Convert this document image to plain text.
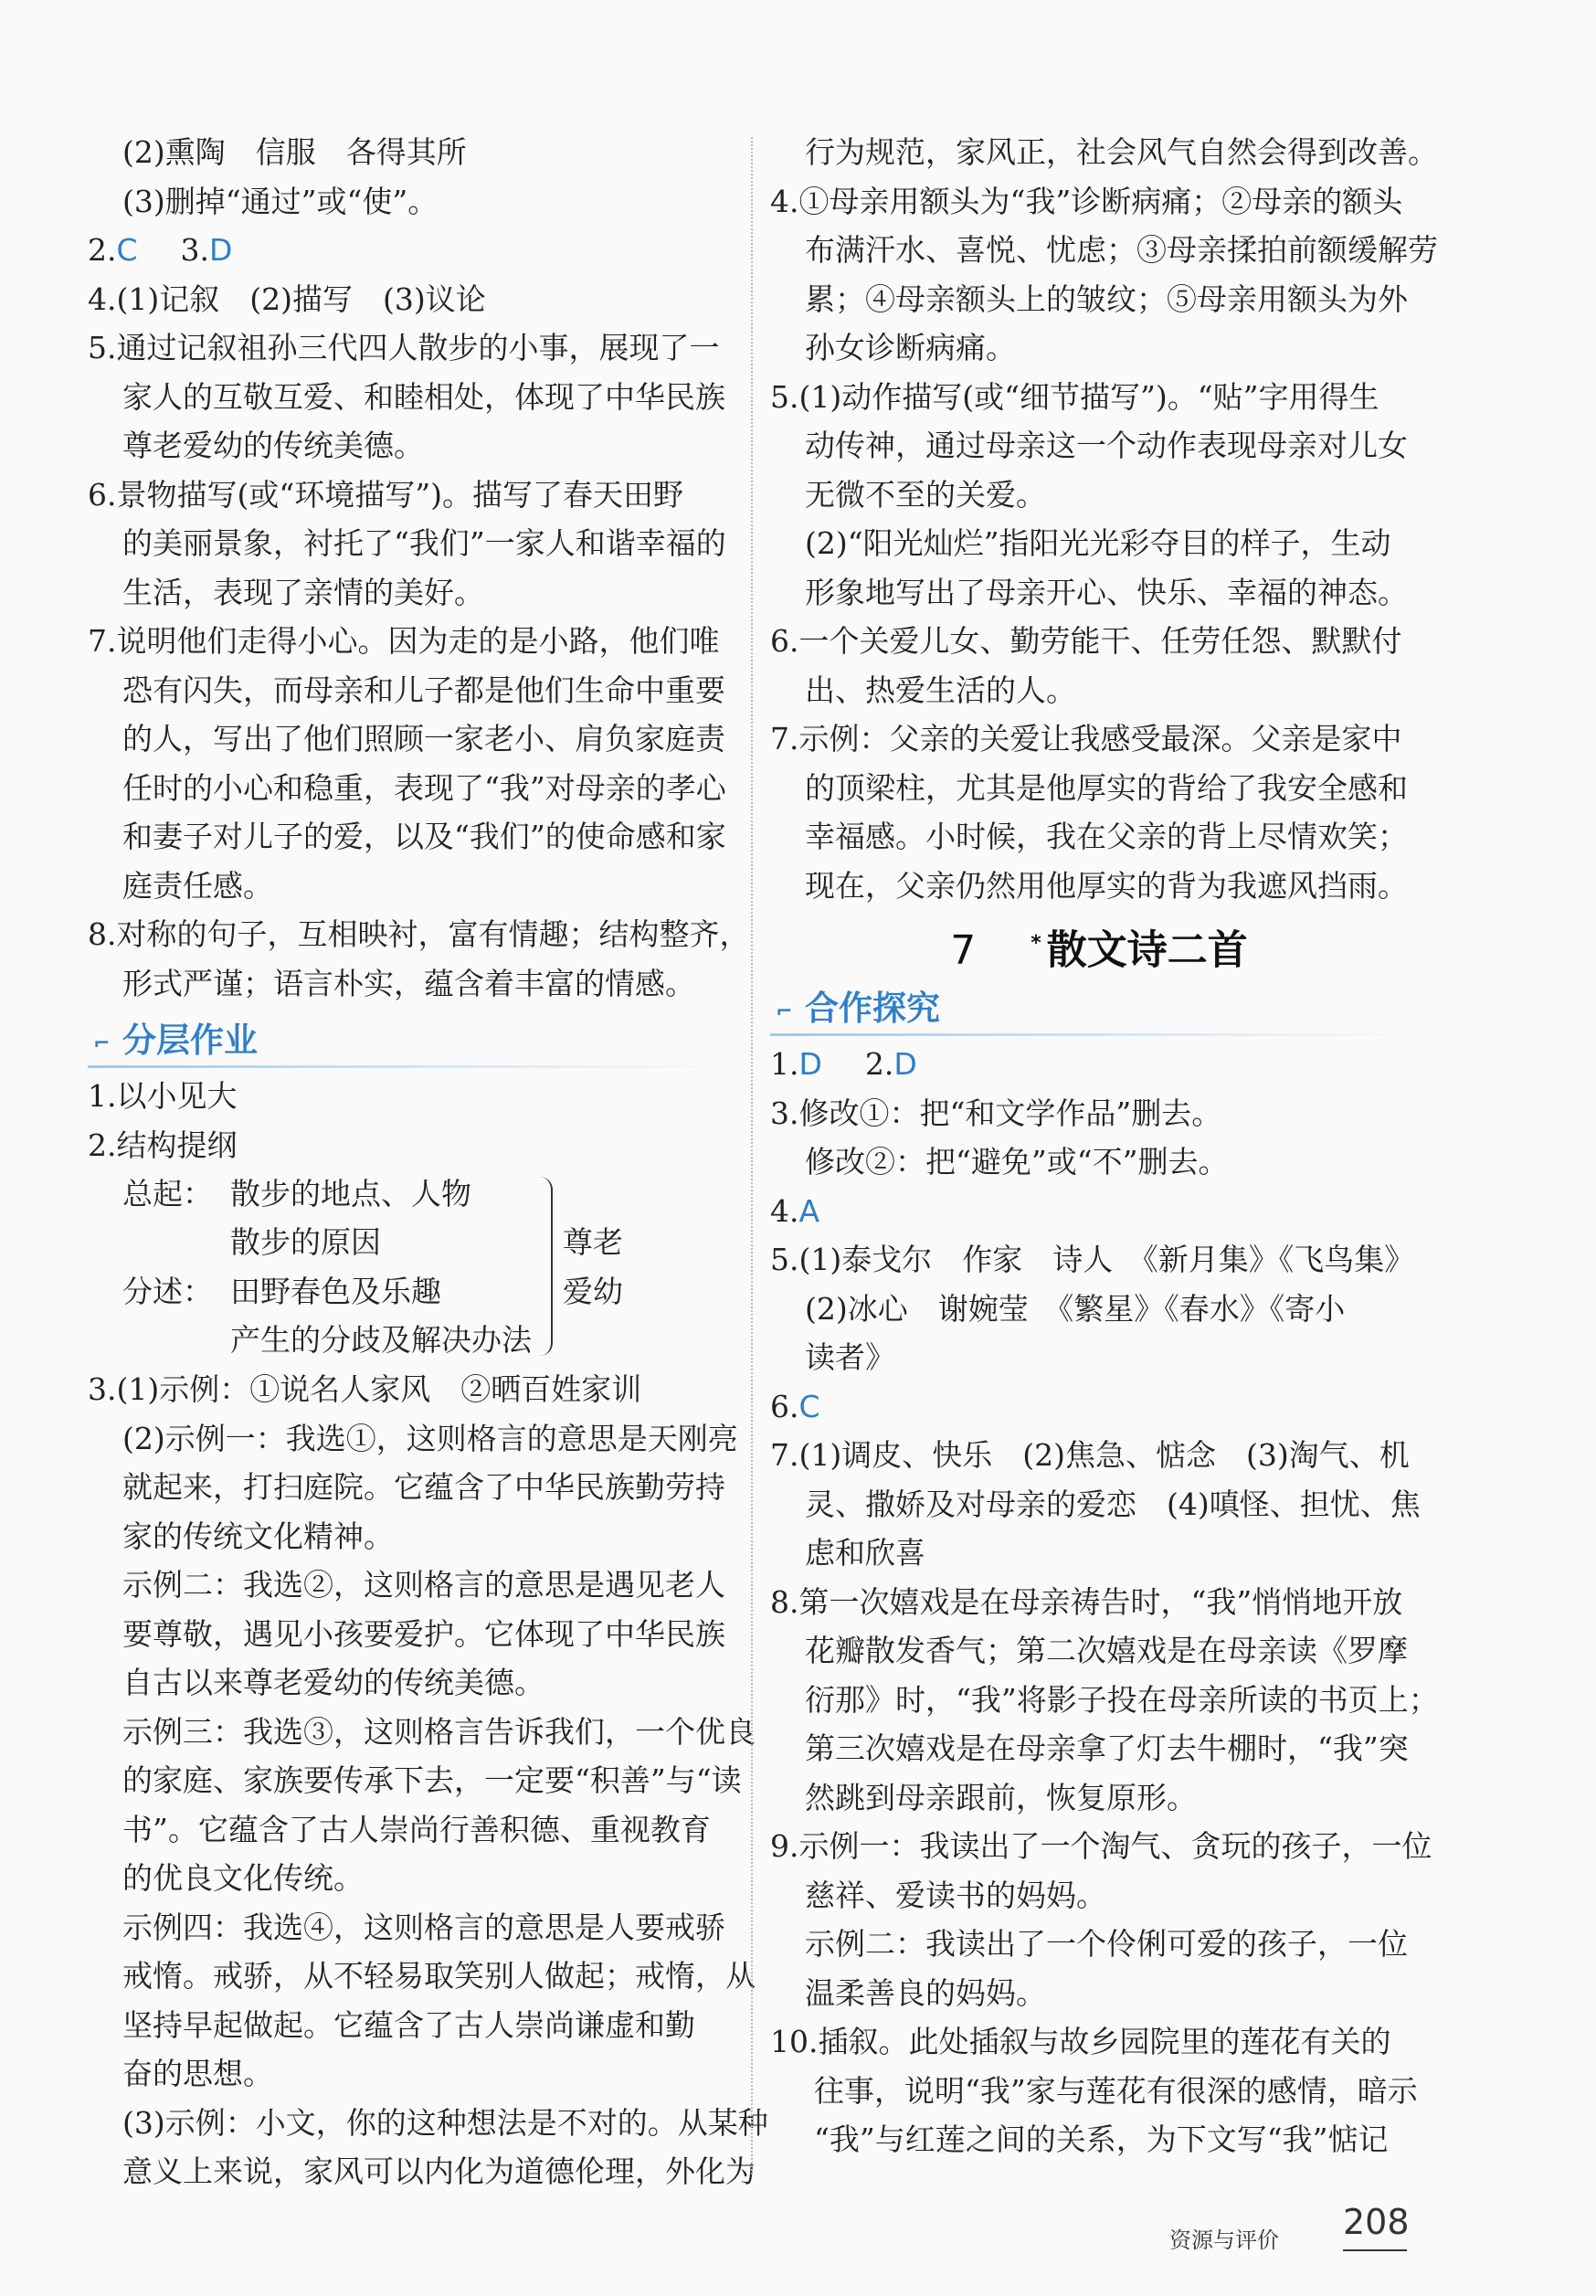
(2)熏陶　信服　各得其所
(3)删掉“通过”或“使”。
2.C 3.D
4.(1)记叙　(2)描写　(3)议论
5.通过记叙祖孙三代四人散步的小事，展现了一
家人的互敬互爱、和睦相处，体现了中华民族
尊老爱幼的传统美德。
6.景物描写(或“环境描写”)。描写了春天田野
的美丽景象，衬托了“我们”一家人和谐幸福的
生活，表现了亲情的美好。
7.说明他们走得小心。因为走的是小路，他们唯
恐有闪失，而母亲和儿子都是他们生命中重要
的人，写出了他们照顾一家老小、肩负家庭责
任时的小心和稳重，表现了“我”对母亲的孝心
和妻子对儿子的爱，以及“我们”的使命感和家
庭责任感。
8.对称的句子，互相映衬，富有情趣；结构整齐，
形式严谨；语言朴实，蕴含着丰富的情感。
⌐ 分层作业
1.以小见大
2.结构提纲
总起： 散步的地点、人物
散步的原因
分述： 田野春色及乐趣
产生的分歧及解决办法
尊老
爱幼
3.(1)示例：①说名人家风　②晒百姓家训
(2)示例一：我选①，这则格言的意思是天刚亮
就起来，打扫庭院。它蕴含了中华民族勤劳持
家的传统文化精神。
示例二：我选②，这则格言的意思是遇见老人
要尊敬，遇见小孩要爱护。它体现了中华民族
自古以来尊老爱幼的传统美德。
示例三：我选③，这则格言告诉我们，一个优良
的家庭、家族要传承下去，一定要“积善”与“读
书”。它蕴含了古人崇尚行善积德、重视教育
的优良文化传统。
示例四：我选④，这则格言的意思是人要戒骄
戒惰。戒骄，从不轻易取笑别人做起；戒惰，从
坚持早起做起。它蕴含了古人崇尚谦虚和勤
奋的思想。
(3)示例：小文，你的这种想法是不对的。从某种
意义上来说，家风可以内化为道德伦理，外化为
行为规范，家风正，社会风气自然会得到改善。
4.①母亲用额头为“我”诊断病痛；②母亲的额头
布满汗水、喜悦、忧虑；③母亲揉拍前额缓解劳
累；④母亲额头上的皱纹；⑤母亲用额头为外
孙女诊断病痛。
5.(1)动作描写(或“细节描写”)。“贴”字用得生
动传神，通过母亲这一个动作表现母亲对儿女
无微不至的关爱。
(2)“阳光灿烂”指阳光光彩夺目的样子，生动
形象地写出了母亲开心、快乐、幸福的神态。
6.一个关爱儿女、勤劳能干、任劳任怨、默默付
出、热爱生活的人。
7.示例：父亲的关爱让我感受最深。父亲是家中
的顶梁柱，尤其是他厚实的背给了我安全感和
幸福感。小时候，我在父亲的背上尽情欢笑；
现在，父亲仍然用他厚实的背为我遮风挡雨。
7	* 散文诗二首
⌐ 合作探究
1.D 2.D
3.修改①：把“和文学作品”删去。
修改②：把“避免”或“不”删去。
4.A
5.(1)泰戈尔　作家　诗人　《新月集》《飞鸟集》
(2)冰心　谢婉莹　《繁星》《春水》《寄小
读者》
6.C
7.(1)调皮、快乐　(2)焦急、惦念　(3)淘气、机
灵、撒娇及对母亲的爱恋　(4)嗔怪、担忧、焦
虑和欣喜
8.第一次嬉戏是在母亲祷告时，“我”悄悄地开放
花瓣散发香气；第二次嬉戏是在母亲读《罗摩
衍那》时，“我”将影子投在母亲所读的书页上；
第三次嬉戏是在母亲拿了灯去牛棚时，“我”突
然跳到母亲跟前，恢复原形。
9.示例一：我读出了一个淘气、贪玩的孩子，一位
慈祥、爱读书的妈妈。
示例二：我读出了一个伶俐可爱的孩子，一位
温柔善良的妈妈。
10.插叙。此处插叙与故乡园院里的莲花有关的
往事，说明“我”家与莲花有很深的感情，暗示
“我”与红莲之间的关系，为下文写“我”惦记
资源与评价 208
